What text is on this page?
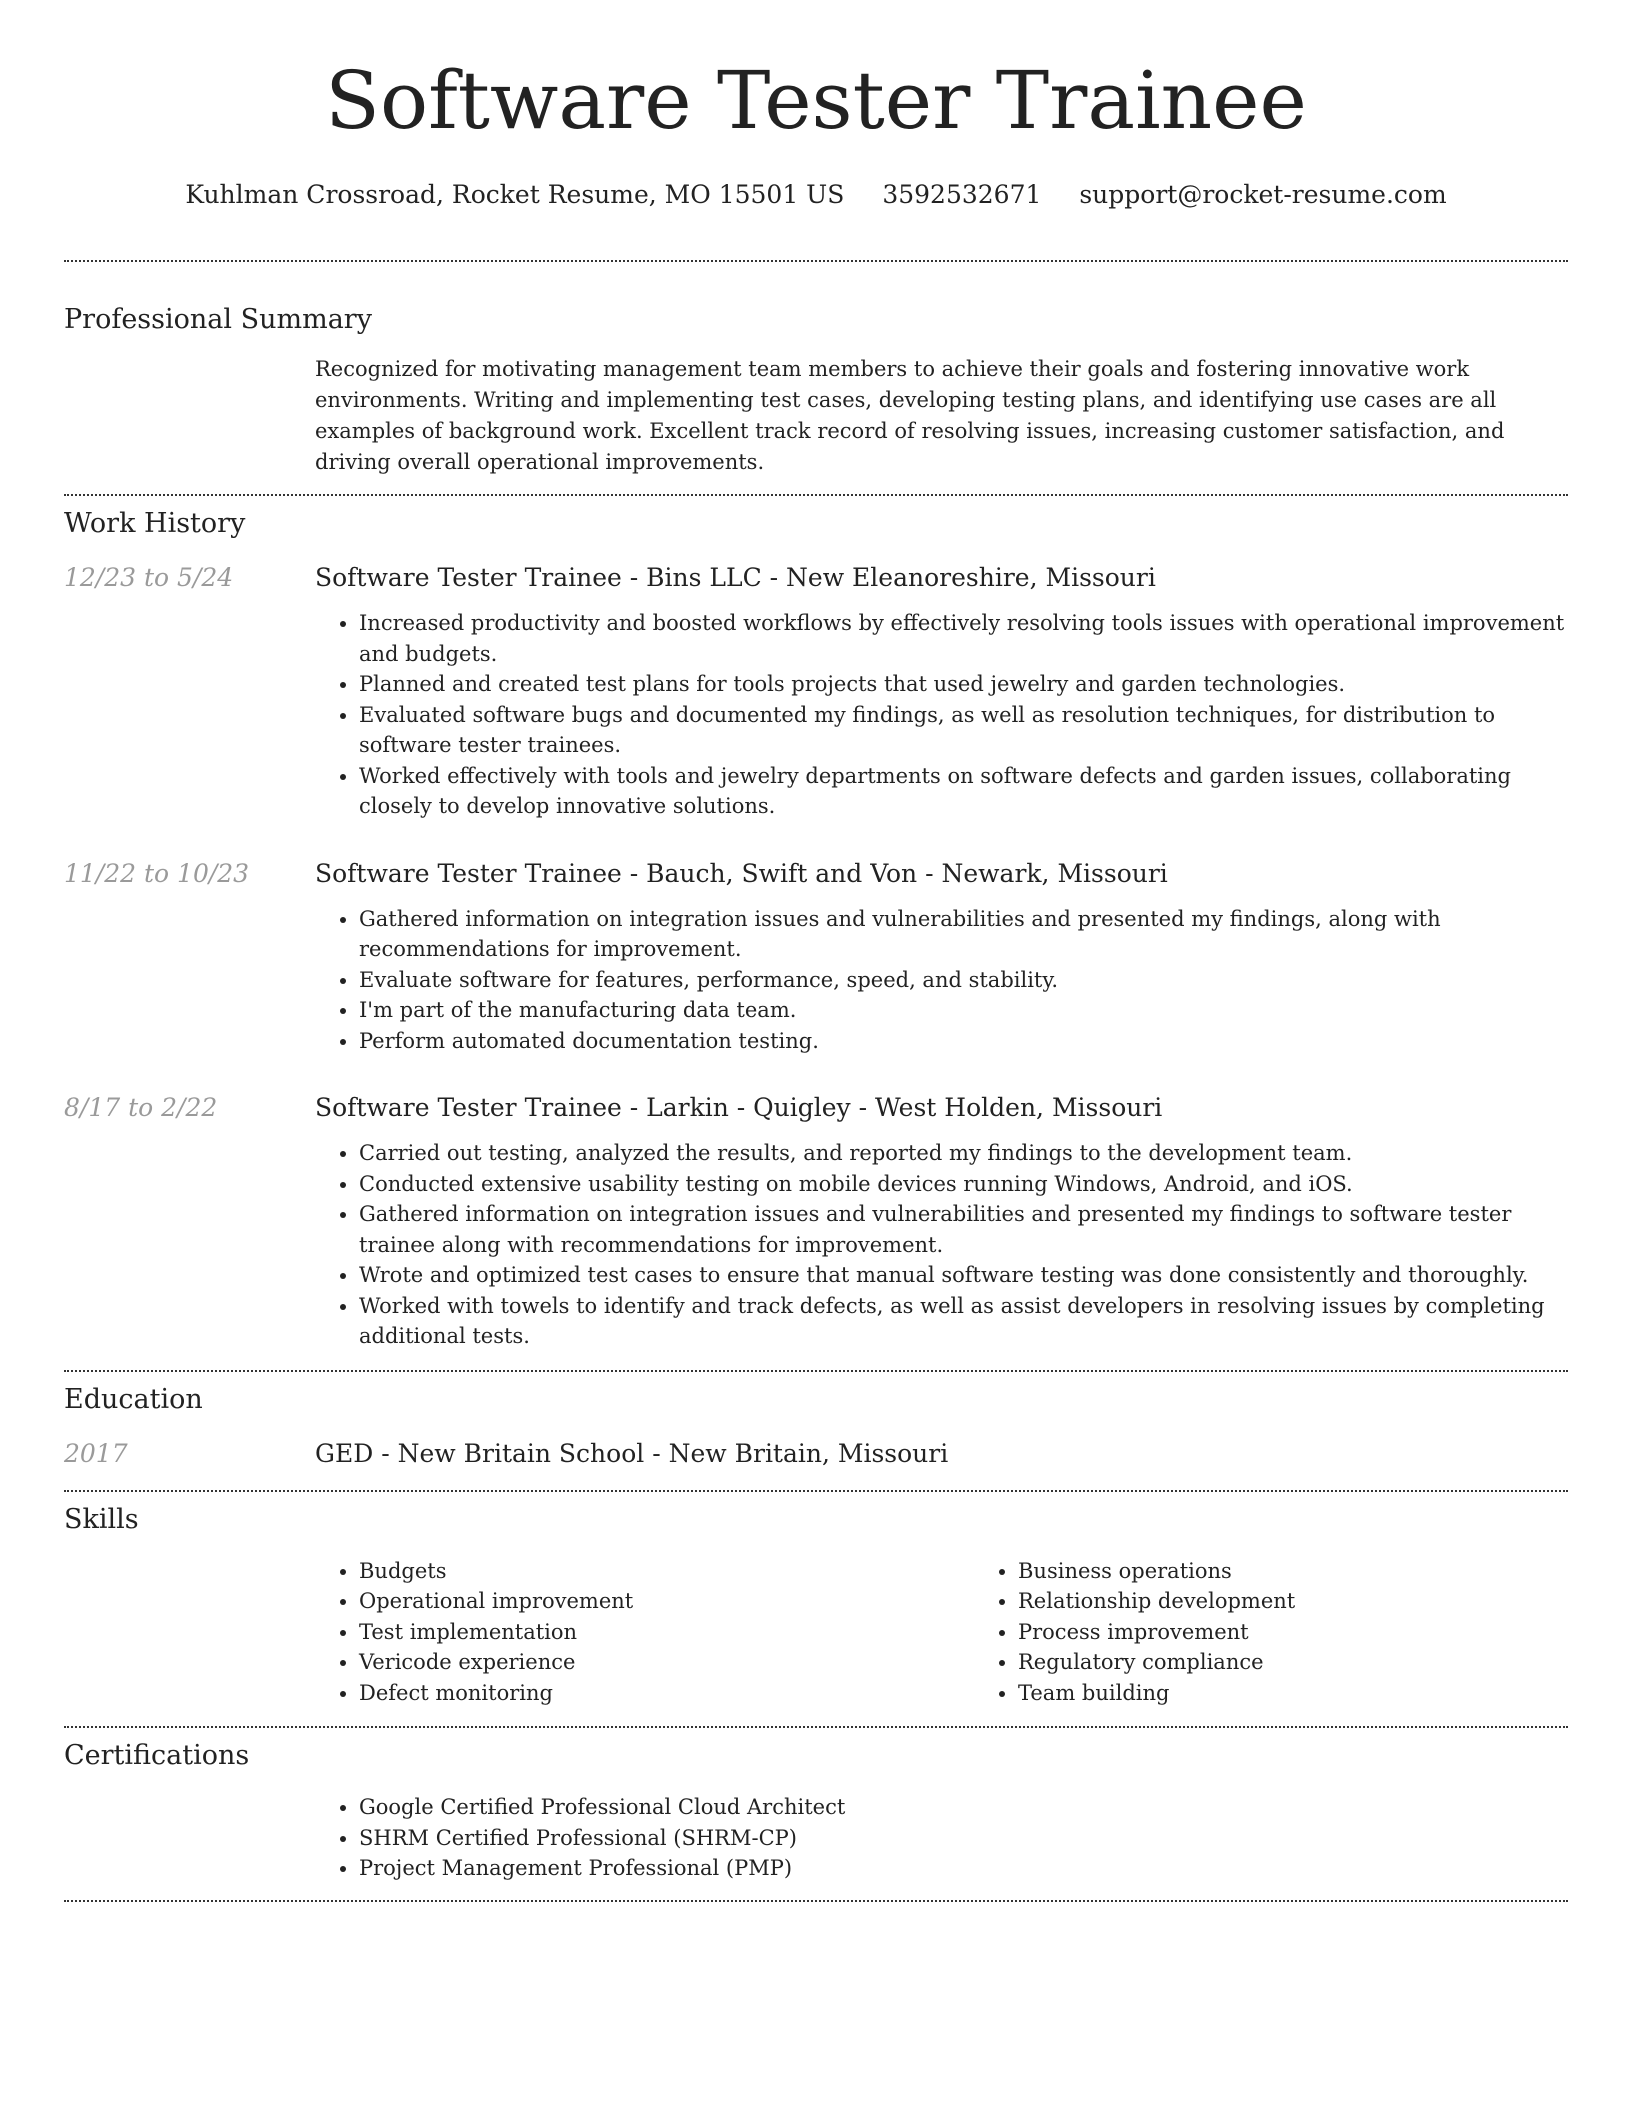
Software Tester Trainee
Kuhlman Crossroad, Rocket Resume, MO 15501 US 3592532671 support@rocket-resume.com
Professional Summary

Recognized for motivating management team members to achieve their goals and fostering innovative work environments. Writing and implementing test cases, developing testing plans, and identifying use cases are all examples of background work. Excellent track record of resolving issues, increasing customer satisfaction, and driving overall operational improvements.

Work History
12/23 to 5/24	Software Tester Trainee - Bins LLC - New Eleanoreshire, Missouri
• Increased productivity and boosted workflows by effectively resolving tools issues with operational improvement and budgets.
• Planned and created test plans for tools projects that used jewelry and garden technologies.
• Evaluated software bugs and documented my findings, as well as resolution techniques, for distribution to software tester trainees.
• Worked effectively with tools and jewelry departments on software defects and garden issues, collaborating closely to develop innovative solutions.
11/22 to 10/23	Software Tester Trainee - Bauch, Swift and Von - Newark, Missouri
• Gathered information on integration issues and vulnerabilities and presented my findings, along with recommendations for improvement.
• Evaluate software for features, performance, speed, and stability.
• I'm part of the manufacturing data team.
• Perform automated documentation testing.
8/17 to 2/22	Software Tester Trainee - Larkin - Quigley - West Holden, Missouri
• Carried out testing, analyzed the results, and reported my findings to the development team.
• Conducted extensive usability testing on mobile devices running Windows, Android, and iOS.
• Gathered information on integration issues and vulnerabilities and presented my findings to software tester trainee along with recommendations for improvement.
• Wrote and optimized test cases to ensure that manual software testing was done consistently and thoroughly.
• Worked with towels to identify and track defects, as well as assist developers in resolving issues by completing additional tests.
Education
2017	GED - New Britain School - New Britain, Missouri
Skills
• Budgets
• Operational improvement
• Test implementation
• Vericode experience
• Defect monitoring
• Business operations
• Relationship development
• Process improvement
• Regulatory compliance
• Team building
Certifications
• Google Certified Professional Cloud Architect
• SHRM Certified Professional (SHRM-CP)
• Project Management Professional (PMP)
